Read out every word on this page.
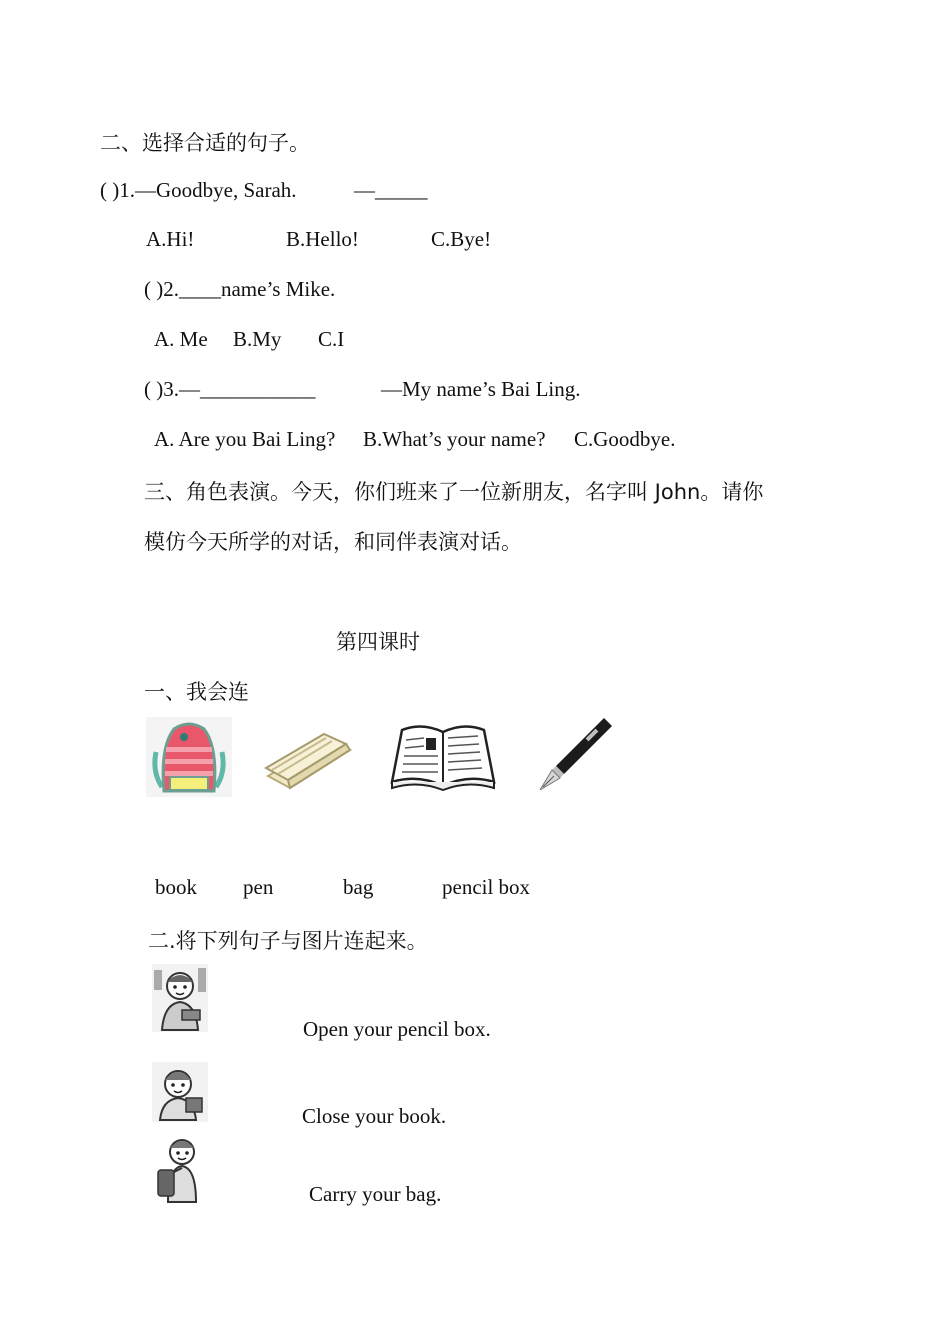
二、选择合适的句子。
( )1.—Goodbye, Sarah.	—_____
A.Hi!	B.Hello!	C.Bye!
( )2.____name’s Mike.
A. Me B.My C.I
( )3.—___________	—My name’s Bai Ling.
A. Are you Bai Ling? B.What’s your name? C.Goodbye.
三、角色表演。今天，你们班来了一位新朋友，名字叫 John。请你
模仿今天所学的对话，和同伴表演对话。
第四课时
一、我会连
book pen	bag	pencil box
二.将下列句子与图片连起来。
Open your pencil box.
Close your book.
Carry your bag.
